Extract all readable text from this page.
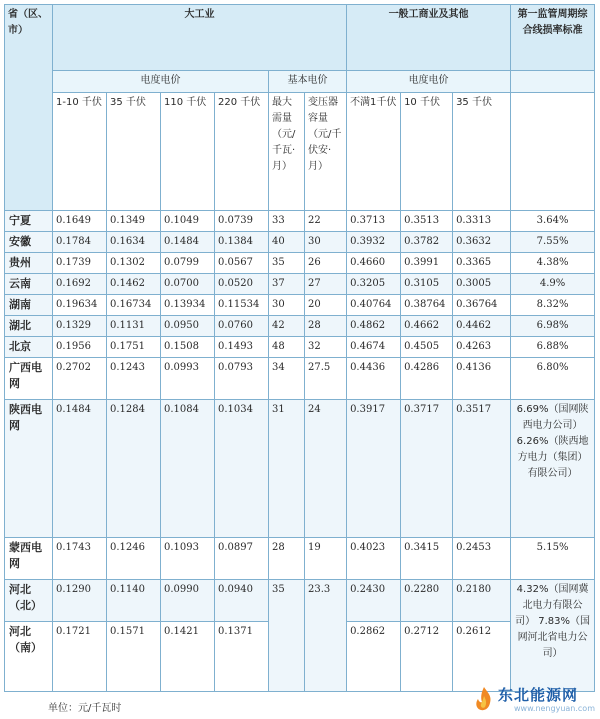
省（区、市）	大工业						一般工商业及其他			第一监管周期综合线损率标准
	电度电价				基本电价		电度电价			
	1-10 千伏	35 千伏	110 千伏	220 千伏	最大需量（元/千瓦·月）	变压器容量（元/千伏安·月）	不满1千伏	10 千伏	35 千伏	
宁夏	0.1649	0.1349	0.1049	0.0739	33	22	0.3713	0.3513	0.3313	3.64%
安徽	0.1784	0.1634	0.1484	0.1384	40	30	0.3932	0.3782	0.3632	7.55%
贵州	0.1739	0.1302	0.0799	0.0567	35	26	0.4660	0.3991	0.3365	4.38%
云南	0.1692	0.1462	0.0700	0.0520	37	27	0.3205	0.3105	0.3005	4.9%
湖南	0.19634	0.16734	0.13934	0.11534	30	20	0.40764	0.38764	0.36764	8.32%
湖北	0.1329	0.1131	0.0950	0.0760	42	28	0.4862	0.4662	0.4462	6.98%
北京	0.1956	0.1751	0.1508	0.1493	48	32	0.4674	0.4505	0.4263	6.88%
广西电网	0.2702	0.1243	0.0993	0.0793	34	27.5	0.4436	0.4286	0.4136	6.80%
陕西电网	0.1484	0.1284	0.1084	0.1034	31	24	0.3917	0.3717	0.3517	6.69%（国网陕西电力公司）
6.26%（陕西地方电力（集团）有限公司）

蒙西电网	0.1743	0.1246	0.1093	0.0897	28	19	0.4023	0.3415	0.2453	5.15%
河北（北）	0.1290	0.1140	0.0990	0.0940	35	23.3	0.2430	0.2280	0.2180	4.32%（国网冀北电力有限公司） 7.83%（国网河北省电力公司）
河北（南）	0.1721	0.1571	0.1421	0.1371			0.2862	0.2712	0.2612	
单位：元/千瓦时
东北能源网
www.nengyuan.com
